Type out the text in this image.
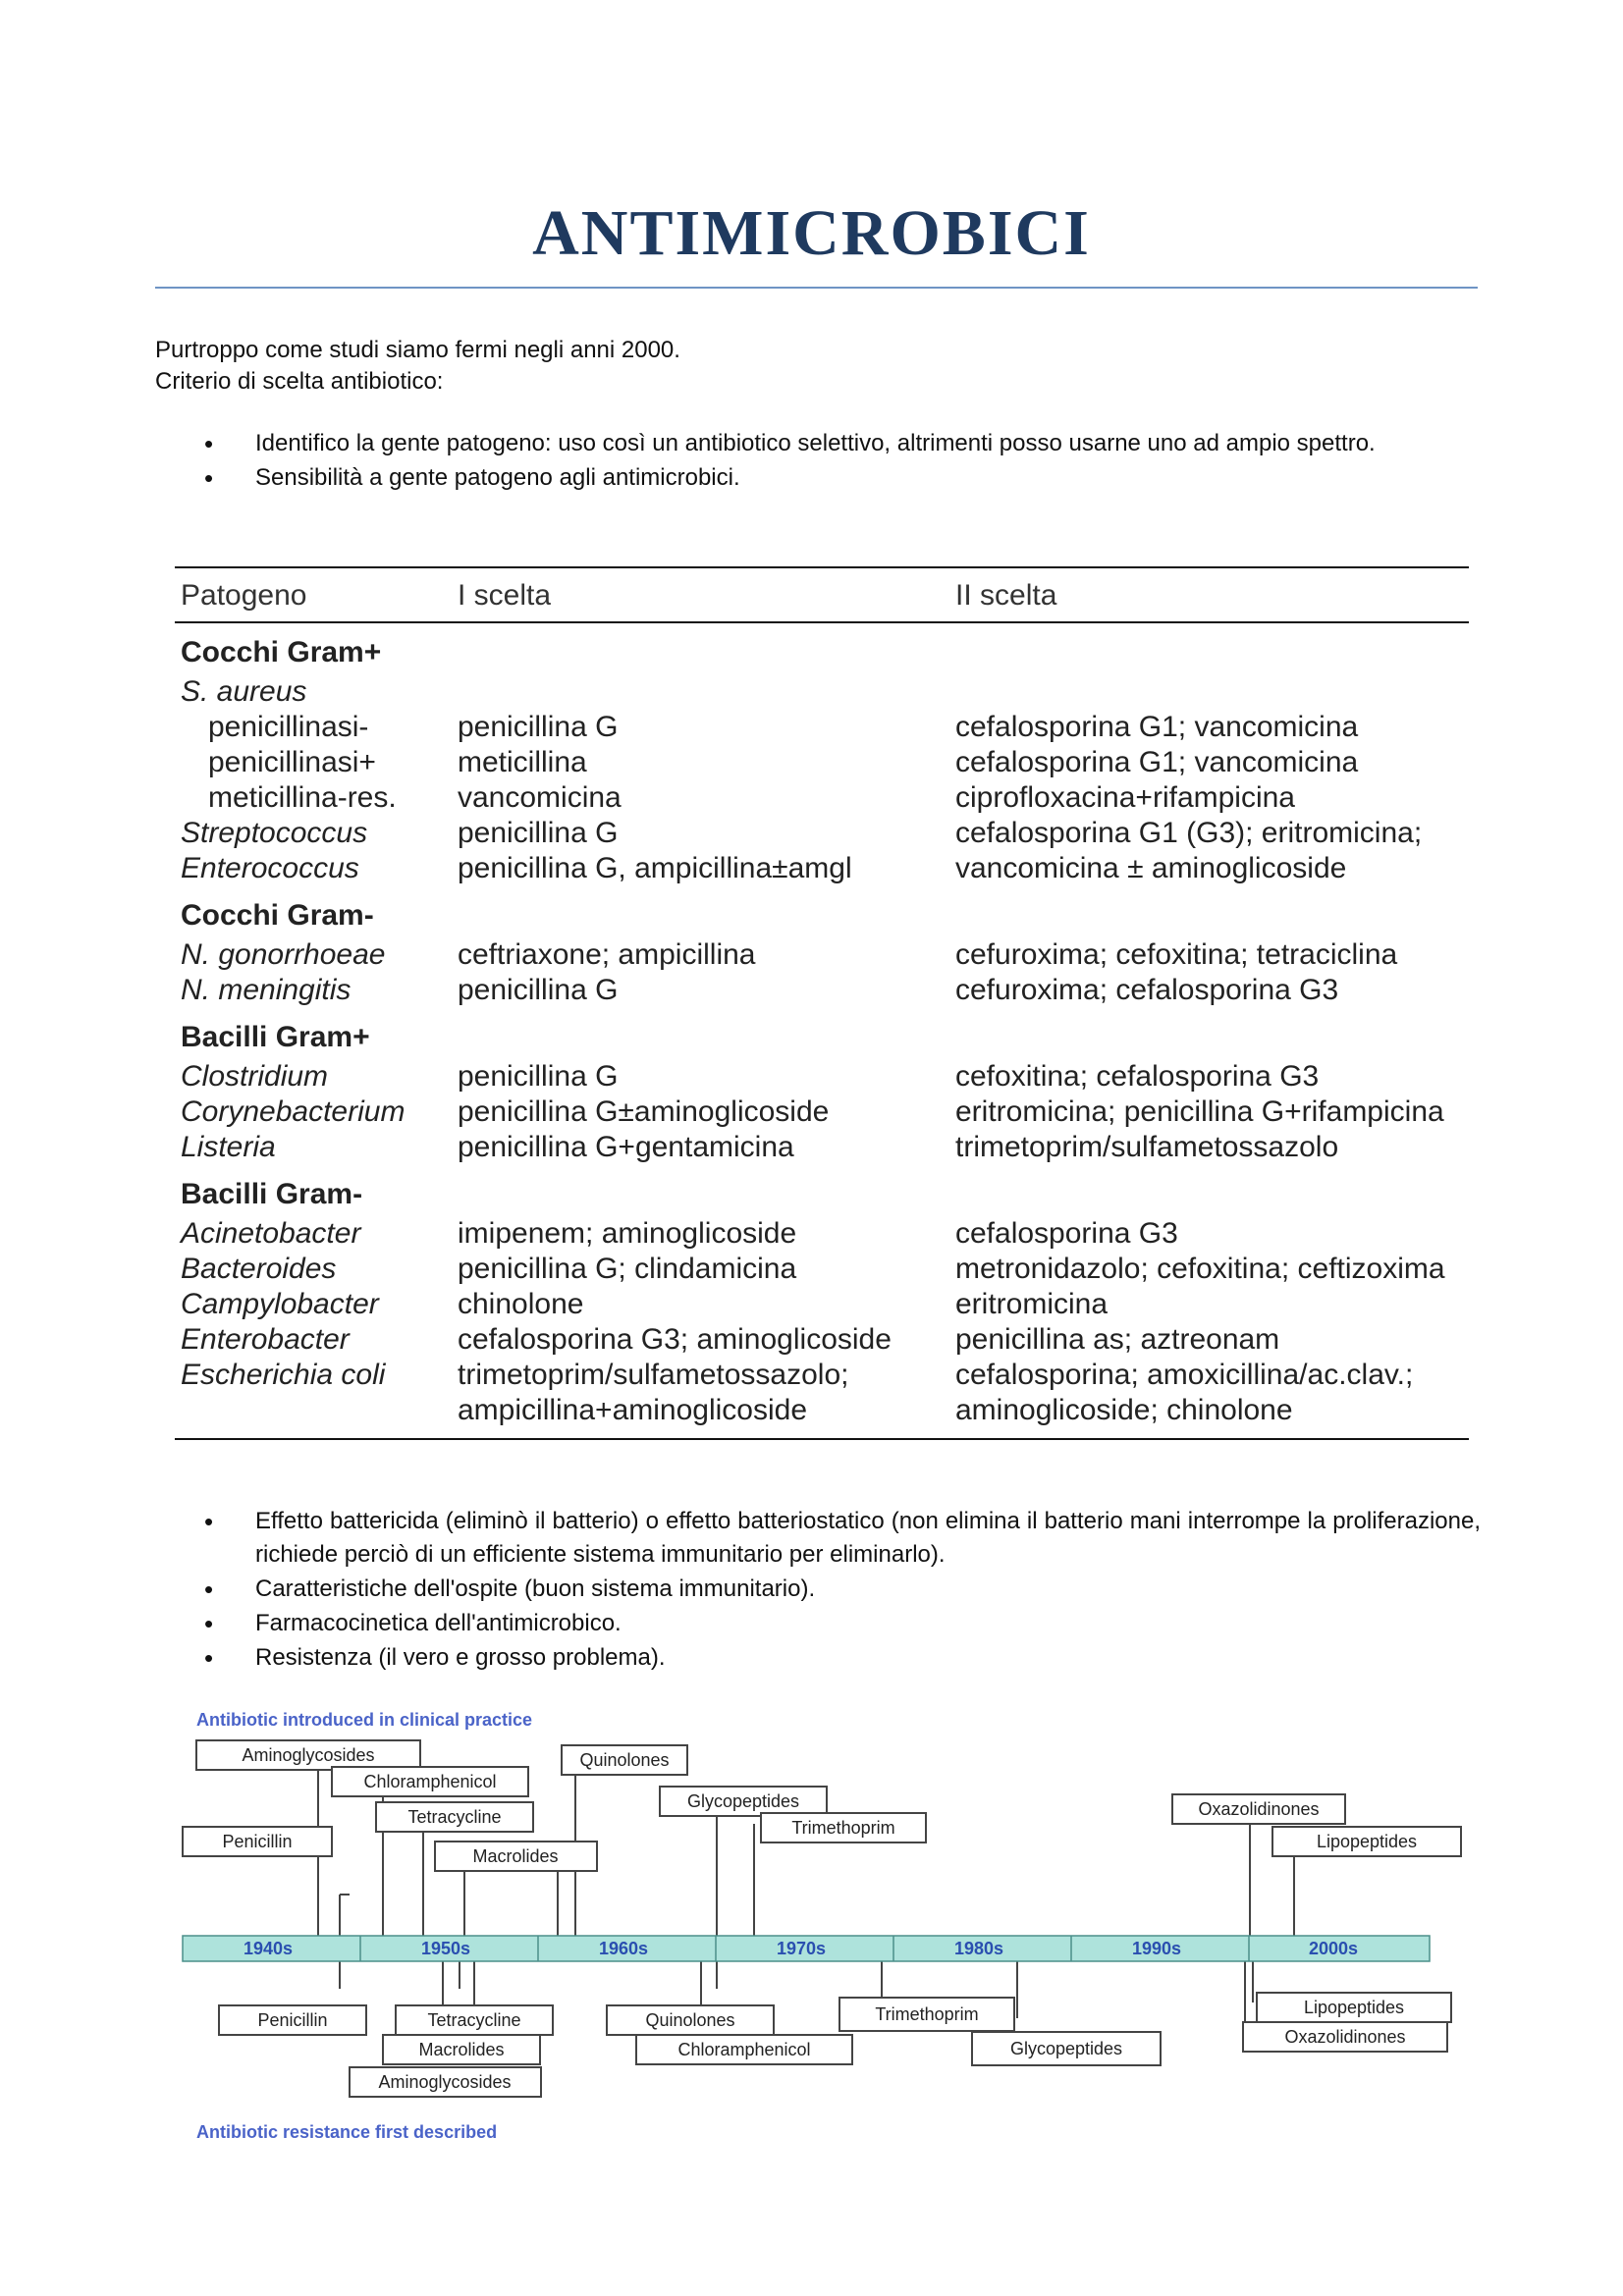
ANTIMICROBICI
Purtroppo come studi siamo fermi negli anni 2000.
Criterio di scelta antibiotico:
• Identifico la gente patogeno: uso così un antibiotico selettivo, altrimenti posso usarne uno ad ampio spettro.
• Sensibilità a gente patogeno agli antimicrobici.
Patogeno	I scelta	II scelta
Cocchi Gram+		
S. aureus		
penicillinasi-	penicillina G	cefalosporina G1; vancomicina
penicillinasi+	meticillina	cefalosporina G1; vancomicina
meticillina-res.	vancomicina	ciprofloxacina+rifampicina
Streptococcus	penicillina G	cefalosporina G1 (G3); eritromicina;
Enterococcus	penicillina G, ampicillina±amgl	vancomicina ± aminoglicoside
Cocchi Gram-		
N. gonorrhoeae	ceftriaxone; ampicillina	cefuroxima; cefoxitina; tetraciclina
N. meningitis	penicillina G	cefuroxima; cefalosporina G3
Bacilli Gram+		
Clostridium	penicillina G	cefoxitina; cefalosporina G3
Corynebacterium	penicillina G±aminoglicoside	eritromicina; penicillina G+rifampicina
Listeria	penicillina G+gentamicina	trimetoprim/sulfametossazolo
Bacilli Gram-		
Acinetobacter	imipenem; aminoglicoside	cefalosporina G3
Bacteroides	penicillina G; clindamicina	metronidazolo; cefoxitina; ceftizoxima
Campylobacter	chinolone	eritromicina
Enterobacter	cefalosporina G3; aminoglicoside	penicillina as; aztreonam
Escherichia coli	trimetoprim/sulfametossazolo;	cefalosporina; amoxicillina/ac.clav.;
	ampicillina+aminoglicoside	aminoglicoside; chinolone

• Effetto battericida (eliminò il batterio) o effetto batteriostatico (non elimina il batterio mani interrompe la proliferazione, richiede perciò di un efficiente sistema immunitario per eliminarlo).
• Caratteristiche dell'ospite (buon sistema immunitario).
• Farmacocinetica dell'antimicrobico.
• Resistenza (il vero e grosso problema).
Antibiotic introduced in clinical practice
1940s	1950s	1960s	1970s	1980s	1990s	2000s
Aminoglycosides
Chloramphenicol
Quinolones
Glycopeptides
Tetracycline
Trimethoprim
Oxazolidinones
Penicillin
Macrolides
Lipopeptides
Penicillin	Tetracycline	Quinolones	Trimethoprim	Lipopeptides
Macrolides	Chloramphenicol	Glycopeptides
Oxazolidinones
Aminoglycosides
Antibiotic resistance first described
